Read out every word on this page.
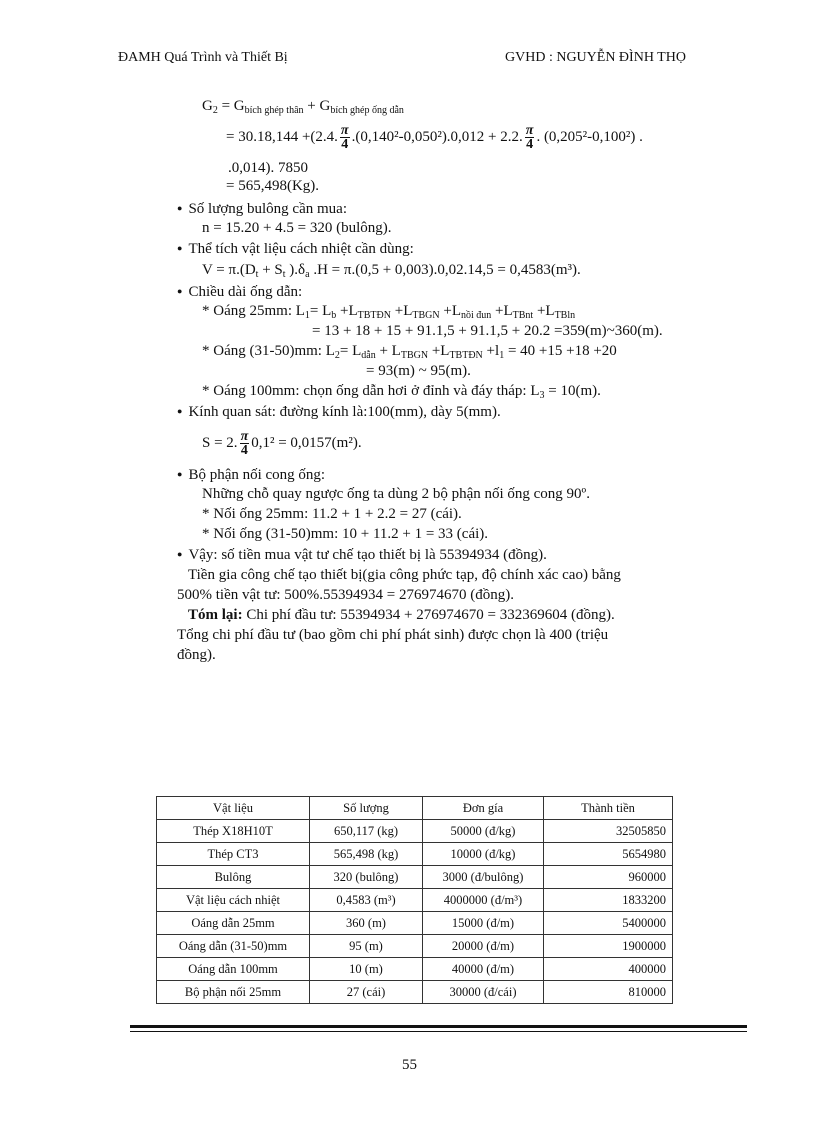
ĐAMH Quá Trình và Thiết Bị	GVHD : NGUYỄN ĐÌNH THỌ
$G_2 = G_{bích ghép thân} + G_{bích ghép ống dẫn}$
= 30.18,144 +(2.4. $\frac{\pi}{4} .(0,140^2-0,050^2).0,012 + 2.2$. $\frac{\pi}{4}$ . (0,205²-0,100²) .
.0,014). 7850
= 565,498(Kg).
● Số lượng bulông cần mua:
n = 15.20 + 4.5 = 320 (bulông).
● Thể tích vật liệu cách nhiệt cần dùng:
$V = \pi.(D_t + S_t$ )$.\delta_a$ .H = π.(0,5 + 0,003).0,02.14,5 = 0,4583(m³).
● Chiều dài ống dẫn:
* Oáng 25mm: $L_1= L_b +L_{TBTĐN} +L_{TBGN} +L_{nồi đun} +L_{TBnt} +L_{TBln}$
= 13 + 18 + 15 + 91.1,5 + 91.1,5 + 20.2 =359(m)~360(m).
* Oáng (31-50)mm: $L_2= L_{dẫn} + L_{TBGN} +L_{TBTĐN} +l_1 = 40 +15 +18 +20$
= 93(m) ~ 95(m).
* Oáng 100mm: chọn ống dẫn hơi ở đỉnh và đáy tháp: $L_3 = 10(m)$.
● Kính quan sát: đường kính là:100(mm), dày 5(mm).
S = 2. $\frac{\pi}{4} 0,1^2 = 0,0157(m^2)$.
● Bộ phận nối cong ống:
Những chỗ quay ngược ống ta dùng 2 bộ phận nối ống cong 90º.
* Nối ống 25mm: 11.2 + 1 + 2.2 = 27 (cái).
* Nối ống (31-50)mm: 10 + 11.2 + 1 = 33 (cái).
● Vậy: số tiền mua vật tư chế tạo thiết bị là 55394934 (đồng).
Tiền gia công chế tạo thiết bị(gia công phức tạp, độ chính xác cao) bằng
500% tiền vật tư: 500%.55394934 = 276974670 (đồng).
Tóm lại: Chi phí đầu tư: 55394934 + 276974670 = 332369604 (đồng).
Tổng chi phí đầu tư (bao gồm chi phí phát sinh) được chọn là 400 (triệu
đồng).
Vật liệu	Số lượng	Đơn gía	Thành tiền
Thép X18H10T	650,117 (kg)	50000 (đ/kg)	32505850
Thép CT3	565,498 (kg)	10000 (đ/kg)	5654980
Bulông	320 (bulông)	3000 (đ/bulông)	960000
Vật liệu cách nhiệt	0,4583 (m³)	4000000 (đ/m³)	1833200
Oáng dẫn 25mm	360 (m)	15000 (đ/m)	5400000
Oáng dẫn (31-50)mm	95 (m)	20000 (đ/m)	1900000
Oáng dẫn 100mm	10 (m)	40000 (đ/m)	400000
Bộ phận nối 25mm	27 (cái)	30000 (đ/cái)	810000
55
